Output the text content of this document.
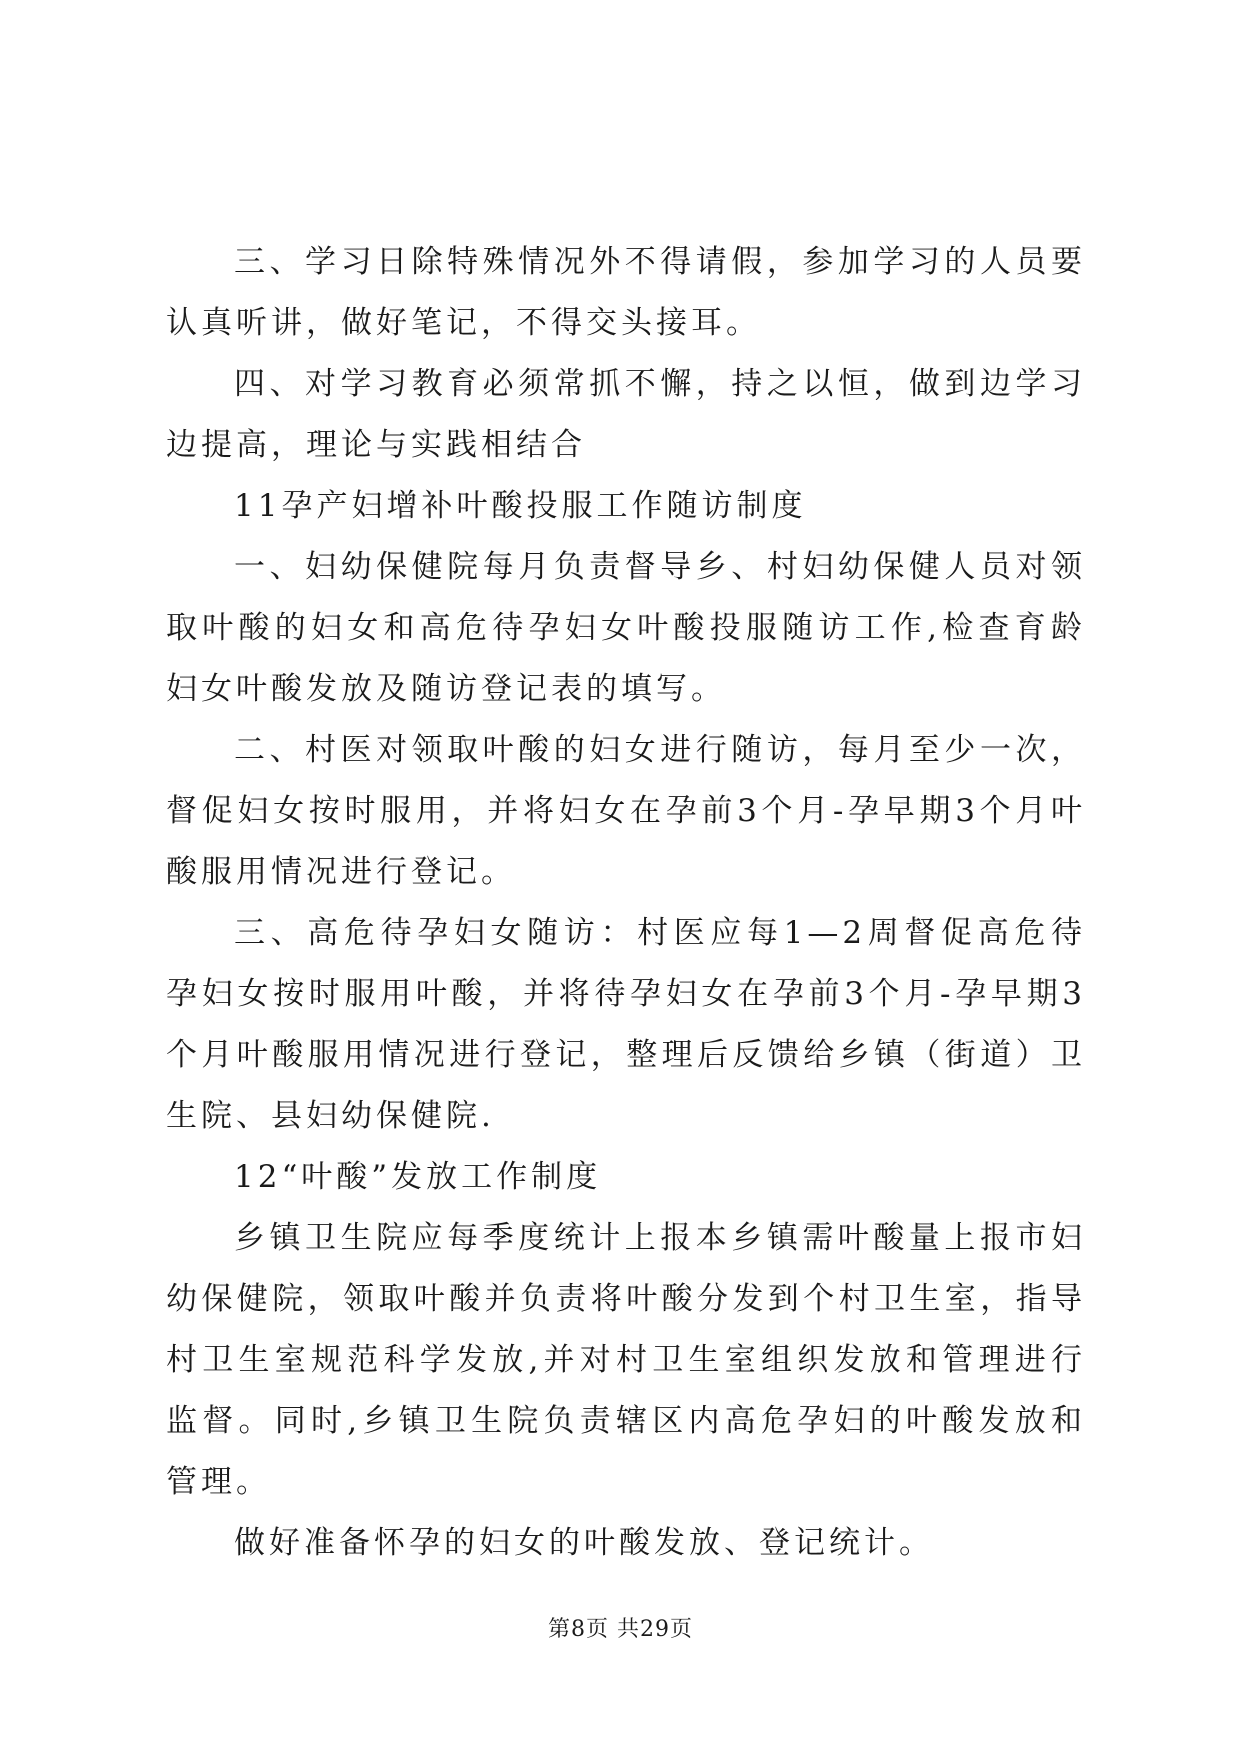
三、学习日除特殊情况外不得请假，参加学习的人员要认真听讲，做好笔记，不得交头接耳。

四、对学习教育必须常抓不懈，持之以恒，做到边学习边提高，理论与实践相结合

11孕产妇增补叶酸投服工作随访制度

一、妇幼保健院每月负责督导乡、村妇幼保健人员对领取叶酸的妇女和高危待孕妇女叶酸投服随访工作,检查育龄妇女叶酸发放及随访登记表的填写。

二、村医对领取叶酸的妇女进行随访，每月至少一次，督促妇女按时服用，并将妇女在孕前3个月-孕早期3个月叶酸服用情况进行登记。

三、高危待孕妇女随访：村医应每1—2周督促高危待孕妇女按时服用叶酸，并将待孕妇女在孕前3个月-孕早期3个月叶酸服用情况进行登记，整理后反馈给乡镇（街道）卫生院、县妇幼保健院.

12“叶酸”发放工作制度

乡镇卫生院应每季度统计上报本乡镇需叶酸量上报市妇幼保健院，领取叶酸并负责将叶酸分发到个村卫生室，指导村卫生室规范科学发放,并对村卫生室组织发放和管理进行监督。同时,乡镇卫生院负责辖区内高危孕妇的叶酸发放和管理。

做好准备怀孕的妇女的叶酸发放、登记统计。

第8页 共29页
